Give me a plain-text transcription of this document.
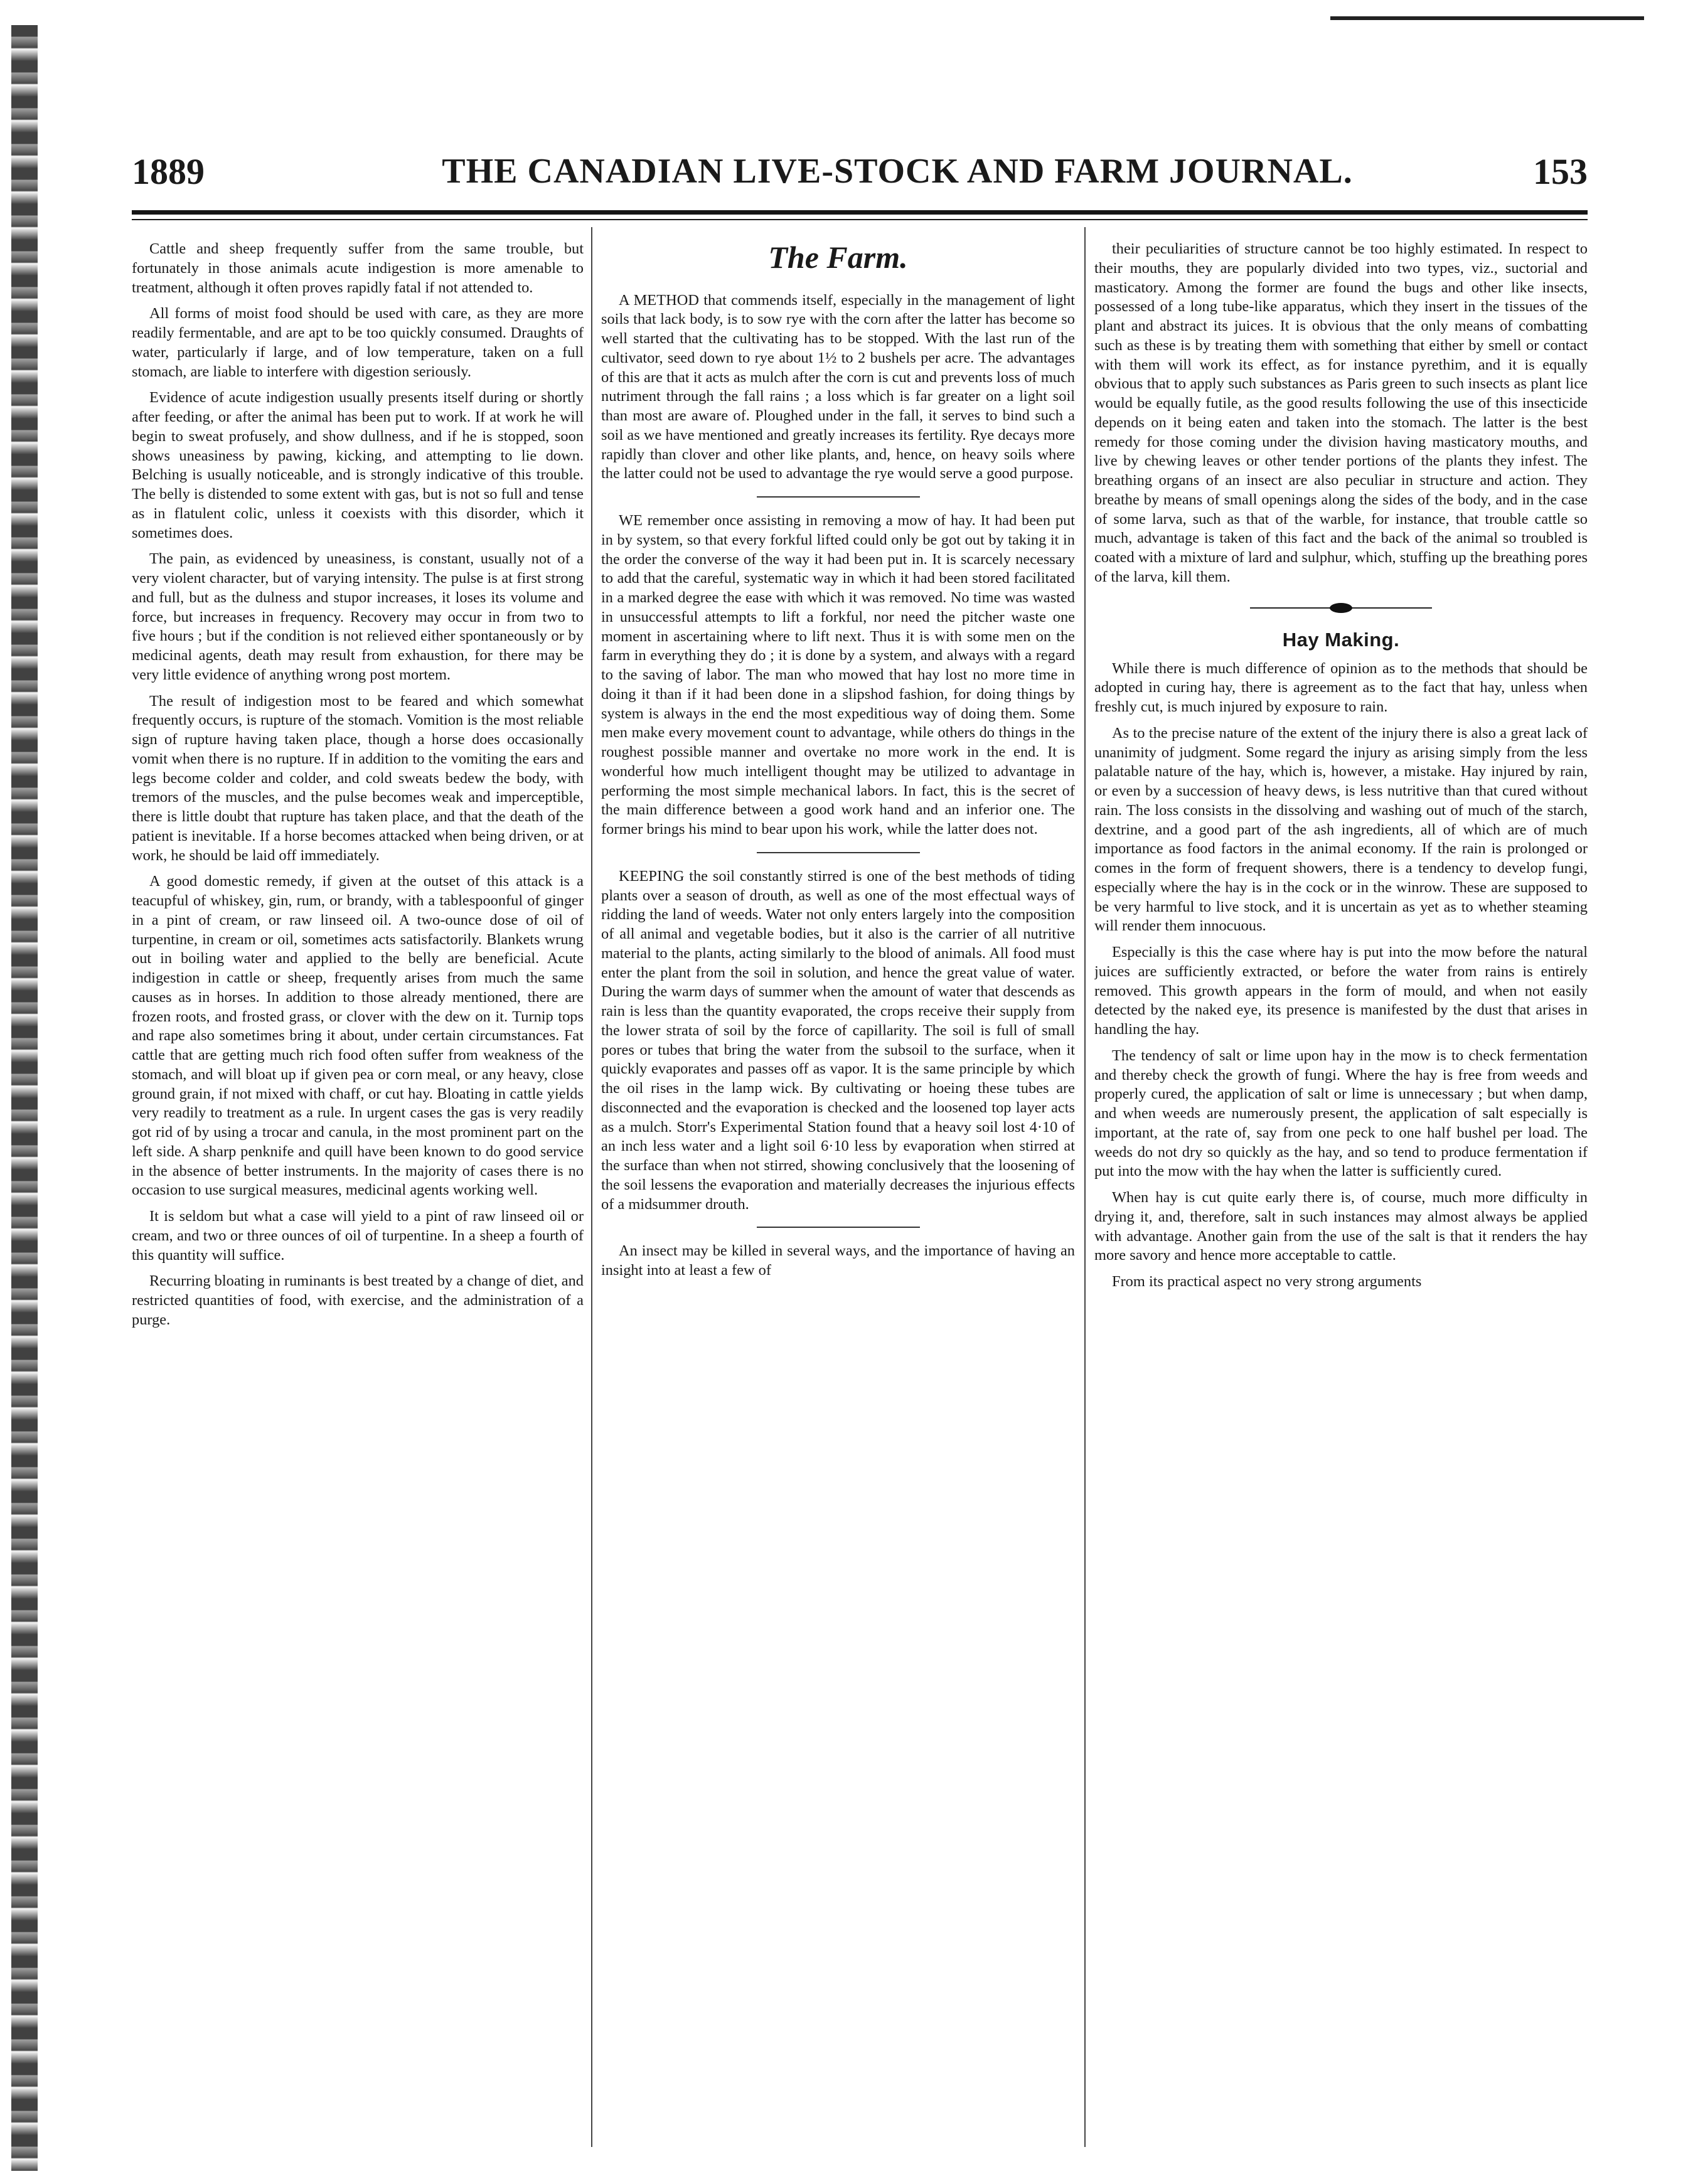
1889	THE CANADIAN LIVE-STOCK AND FARM JOURNAL.	153

Cattle and sheep frequently suffer from the same trouble, but fortunately in those animals acute indigestion is more amenable to treatment, although it often proves rapidly fatal if not attended to.

All forms of moist food should be used with care, as they are more readily fermentable, and are apt to be too quickly consumed. Draughts of water, particularly if large, and of low temperature, taken on a full stomach, are liable to interfere with digestion seriously.

Evidence of acute indigestion usually presents itself during or shortly after feeding, or after the animal has been put to work. If at work he will begin to sweat profusely, and show dullness, and if he is stopped, soon shows uneasiness by pawing, kicking, and attempting to lie down. Belching is usually noticeable, and is strongly indicative of this trouble. The belly is distended to some extent with gas, but is not so full and tense as in flatulent colic, unless it coexists with this disorder, which it sometimes does.

The pain, as evidenced by uneasiness, is constant, usually not of a very violent character, but of varying intensity. The pulse is at first strong and full, but as the dulness and stupor increases, it loses its volume and force, but increases in frequency. Recovery may occur in from two to five hours ; but if the condition is not relieved either spontaneously or by medicinal agents, death may result from exhaustion, for there may be very little evidence of anything wrong post mortem.

The result of indigestion most to be feared and which somewhat frequently occurs, is rupture of the stomach. Vomition is the most reliable sign of rupture having taken place, though a horse does occasionally vomit when there is no rupture. If in addition to the vomiting the ears and legs become colder and colder, and cold sweats bedew the body, with tremors of the muscles, and the pulse becomes weak and imperceptible, there is little doubt that rupture has taken place, and that the death of the patient is inevitable. If a horse becomes attacked when being driven, or at work, he should be laid off immediately.

A good domestic remedy, if given at the outset of this attack is a teacupful of whiskey, gin, rum, or brandy, with a tablespoonful of ginger in a pint of cream, or raw linseed oil. A two-ounce dose of oil of turpentine, in cream or oil, sometimes acts satisfactorily. Blankets wrung out in boiling water and applied to the belly are beneficial. Acute indigestion in cattle or sheep, frequently arises from much the same causes as in horses. In addition to those already mentioned, there are frozen roots, and frosted grass, or clover with the dew on it. Turnip tops and rape also sometimes bring it about, under certain circumstances. Fat cattle that are getting much rich food often suffer from weakness of the stomach, and will bloat up if given pea or corn meal, or any heavy, close ground grain, if not mixed with chaff, or cut hay. Bloating in cattle yields very readily to treatment as a rule. In urgent cases the gas is very readily got rid of by using a trocar and canula, in the most prominent part on the left side. A sharp penknife and quill have been known to do good service in the absence of better instruments. In the majority of cases there is no occasion to use surgical measures, medicinal agents working well.

It is seldom but what a case will yield to a pint of raw linseed oil or cream, and two or three ounces of oil of turpentine. In a sheep a fourth of this quantity will suffice.

Recurring bloating in ruminants is best treated by a change of diet, and restricted quantities of food, with exercise, and the administration of a purge.

The Farm.

A METHOD that commends itself, especially in the management of light soils that lack body, is to sow rye with the corn after the latter has become so well started that the cultivating has to be stopped. With the last run of the cultivator, seed down to rye about 1½ to 2 bushels per acre. The advantages of this are that it acts as mulch after the corn is cut and prevents loss of much nutriment through the fall rains ; a loss which is far greater on a light soil than most are aware of. Ploughed under in the fall, it serves to bind such a soil as we have mentioned and greatly increases its fertility. Rye decays more rapidly than clover and other like plants, and, hence, on heavy soils where the latter could not be used to advantage the rye would serve a good purpose.

WE remember once assisting in removing a mow of hay. It had been put in by system, so that every forkful lifted could only be got out by taking it in the order the converse of the way it had been put in. It is scarcely necessary to add that the careful, systematic way in which it had been stored facilitated in a marked degree the ease with which it was removed. No time was wasted in unsuccessful attempts to lift a forkful, nor need the pitcher waste one moment in ascertaining where to lift next. Thus it is with some men on the farm in everything they do ; it is done by a system, and always with a regard to the saving of labor. The man who mowed that hay lost no more time in doing it than if it had been done in a slipshod fashion, for doing things by system is always in the end the most expeditious way of doing them. Some men make every movement count to advantage, while others do things in the roughest possible manner and overtake no more work in the end. It is wonderful how much intelligent thought may be utilized to advantage in performing the most simple mechanical labors. In fact, this is the secret of the main difference between a good work hand and an inferior one. The former brings his mind to bear upon his work, while the latter does not.

KEEPING the soil constantly stirred is one of the best methods of tiding plants over a season of drouth, as well as one of the most effectual ways of ridding the land of weeds. Water not only enters largely into the composition of all animal and vegetable bodies, but it also is the carrier of all nutritive material to the plants, acting similarly to the blood of animals. All food must enter the plant from the soil in solution, and hence the great value of water. During the warm days of summer when the amount of water that descends as rain is less than the quantity evaporated, the crops receive their supply from the lower strata of soil by the force of capillarity. The soil is full of small pores or tubes that bring the water from the subsoil to the surface, when it quickly evaporates and passes off as vapor. It is the same principle by which the oil rises in the lamp wick. By cultivating or hoeing these tubes are disconnected and the evaporation is checked and the loosened top layer acts as a mulch. Storr's Experimental Station found that a heavy soil lost 4·10 of an inch less water and a light soil 6·10 less by evaporation when stirred at the surface than when not stirred, showing conclusively that the loosening of the soil lessens the evaporation and materially decreases the injurious effects of a midsummer drouth.

An insect may be killed in several ways, and the importance of having an insight into at least a few of

their peculiarities of structure cannot be too highly estimated. In respect to their mouths, they are popularly divided into two types, viz., suctorial and masticatory. Among the former are found the bugs and other like insects, possessed of a long tube-like apparatus, which they insert in the tissues of the plant and abstract its juices. It is obvious that the only means of combatting such as these is by treating them with something that either by smell or contact with them will work its effect, as for instance pyrethim, and it is equally obvious that to apply such substances as Paris green to such insects as plant lice would be equally futile, as the good results following the use of this insecticide depends on it being eaten and taken into the stomach. The latter is the best remedy for those coming under the division having masticatory mouths, and live by chewing leaves or other tender portions of the plants they infest. The breathing organs of an insect are also peculiar in structure and action. They breathe by means of small openings along the sides of the body, and in the case of some larva, such as that of the warble, for instance, that trouble cattle so much, advantage is taken of this fact and the back of the animal so troubled is coated with a mixture of lard and sulphur, which, stuffing up the breathing pores of the larva, kill them.

Hay Making.

While there is much difference of opinion as to the methods that should be adopted in curing hay, there is agreement as to the fact that hay, unless when freshly cut, is much injured by exposure to rain.

As to the precise nature of the extent of the injury there is also a great lack of unanimity of judgment. Some regard the injury as arising simply from the less palatable nature of the hay, which is, however, a mistake. Hay injured by rain, or even by a succession of heavy dews, is less nutritive than that cured without rain. The loss consists in the dissolving and washing out of much of the starch, dextrine, and a good part of the ash ingredients, all of which are of much importance as food factors in the animal economy. If the rain is prolonged or comes in the form of frequent showers, there is a tendency to develop fungi, especially where the hay is in the cock or in the winrow. These are supposed to be very harmful to live stock, and it is uncertain as yet as to whether steaming will render them innocuous.

Especially is this the case where hay is put into the mow before the natural juices are sufficiently extracted, or before the water from rains is entirely removed. This growth appears in the form of mould, and when not easily detected by the naked eye, its presence is manifested by the dust that arises in handling the hay.

The tendency of salt or lime upon hay in the mow is to check fermentation and thereby check the growth of fungi. Where the hay is free from weeds and properly cured, the application of salt or lime is unnecessary ; but when damp, and when weeds are numerously present, the application of salt especially is important, at the rate of, say from one peck to one half bushel per load. The weeds do not dry so quickly as the hay, and so tend to produce fermentation if put into the mow with the hay when the latter is sufficiently cured.

When hay is cut quite early there is, of course, much more difficulty in drying it, and, therefore, salt in such instances may almost always be applied with advantage. Another gain from the use of the salt is that it renders the hay more savory and hence more acceptable to cattle.

From its practical aspect no very strong arguments
